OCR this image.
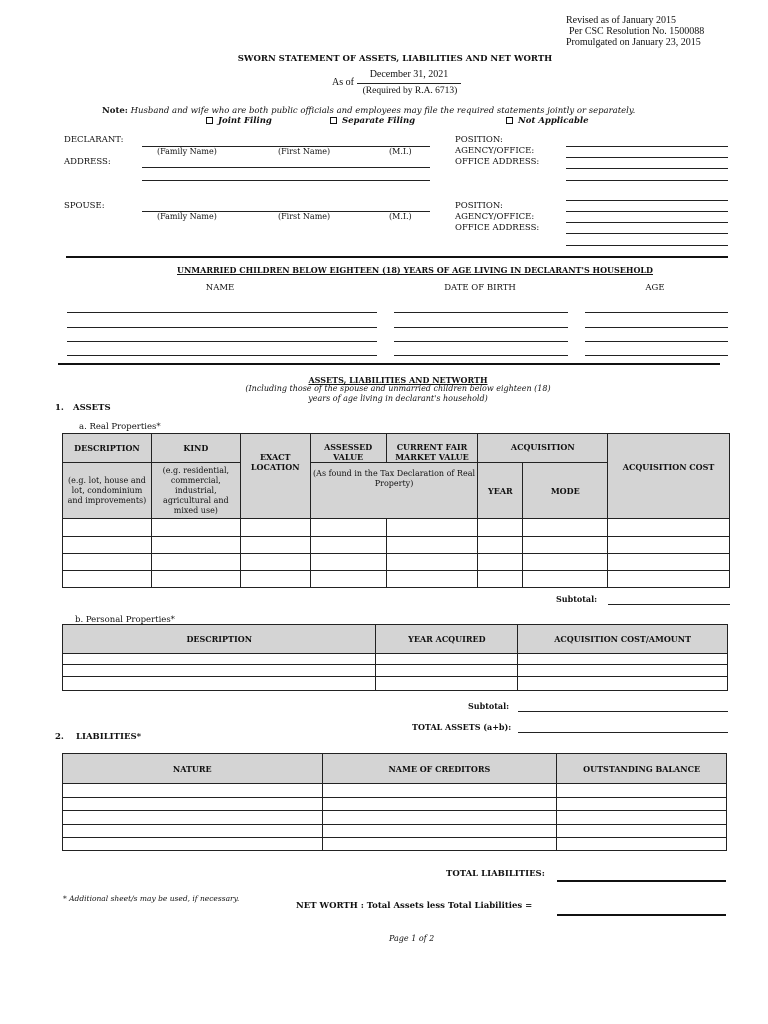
Revised as of January 2015
Per CSC Resolution No. 1500088
Promulgated on January 23, 2015
SWORN STATEMENT OF ASSETS, LIABILITIES AND NET WORTH
As of
December 31, 2021
(Required by R.A. 6713)
Note: Husband and wife who are both public officials and employees may file the required statements jointly or separately.
Joint Filing	Separate Filing	Not Applicable
DECLARANT:
(Family Name)	(First Name)	(M.I.)
ADDRESS:
POSITION:
AGENCY/OFFICE:
OFFICE ADDRESS:
SPOUSE:
(Family Name)	(First Name)	(M.I.)
POSITION:
AGENCY/OFFICE:
OFFICE ADDRESS:
UNMARRIED CHILDREN BELOW EIGHTEEN (18) YEARS OF AGE LIVING IN DECLARANT'S HOUSEHOLD
NAME	DATE OF BIRTH	AGE
ASSETS, LIABILITIES AND NETWORTH
(Including those of the spouse and unmarried children below eighteen (18)
years of age living in declarant's household)
1. ASSETS
a. Real Properties*
DESCRIPTION	KIND	EXACT LOCATION	ASSESSED VALUE	CURRENT FAIR MARKET VALUE	ACQUISITION		ACQUISITION COST
(e.g. lot, house and lot, condominium and improvements)	(e.g. residential, commercial, industrial, agricultural and mixed use)		(As found in the Tax Declaration of Real Property)		YEAR	MODE	

Subtotal:
b. Personal Properties*
DESCRIPTION	YEAR ACQUIRED	ACQUISITION COST/AMOUNT

Subtotal:
TOTAL ASSETS (a+b):
2. LIABILITIES*
NATURE	NAME OF CREDITORS	OUTSTANDING BALANCE

TOTAL LIABILITIES:
* Additional sheet/s may be used, if necessary.
NET WORTH : Total Assets less Total Liabilities =
Page 1 of 2
